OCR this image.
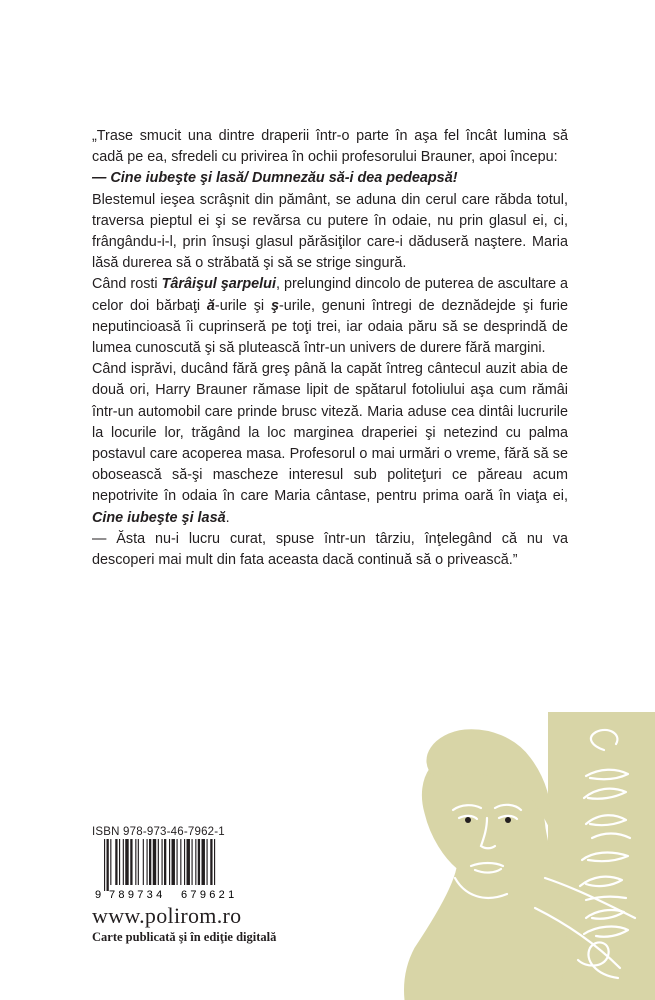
„Trase smucit una dintre draperii într-o parte în aşa fel încât lumina să cadă pe ea, sfredeli cu privirea în ochii profesorului Brauner, apoi începu:

— Cine iubeşte şi lasă/ Dumnezău să-i dea pedeapsă!

Blestemul ieşea scrâşnit din pământ, se aduna din cerul care răbda totul, traversa pieptul ei şi se revărsa cu putere în odaie, nu prin glasul ei, ci, frângându-i-l, prin însuşi glasul părăsiţilor care-i dăduseră naştere. Maria lăsă durerea să o străbată şi să se strige singură.

Când rosti Târâişul şarpelui, prelungind dincolo de puterea de ascultare a celor doi bărbaţi ă-urile şi ş-urile, genuni întregi de deznădejde şi furie neputincioasă îi cuprinseră pe toţi trei, iar odaia păru să se desprindă de lumea cunoscută şi să plutească într-un univers de durere fără margini.

Când isprăvi, ducând fără greş până la capăt întreg cântecul auzit abia de două ori, Harry Brauner rămase lipit de spătarul fotoliului aşa cum rămâi într-un automobil care prinde brusc viteză. Maria aduse cea dintâi lucrurile la locurile lor, trăgând la loc marginea draperiei şi netezind cu palma postavul care acoperea masa. Profesorul o mai urmări o vreme, fără să se obosească să-şi mascheze interesul sub politeţuri ce păreau acum nepotrivite în odaia în care Maria cântase, pentru prima oară în viaţa ei, Cine iubeşte şi lasă.

— Ăsta nu-i lucru curat, spuse într-un târziu, înţelegând că nu va descoperi mai mult din fata aceasta dacă continuă să o privească.”

ISBN 978-973-46-7962-1
9 789734 679621
www.polirom.ro
Carte publicată şi în ediţie digitală
